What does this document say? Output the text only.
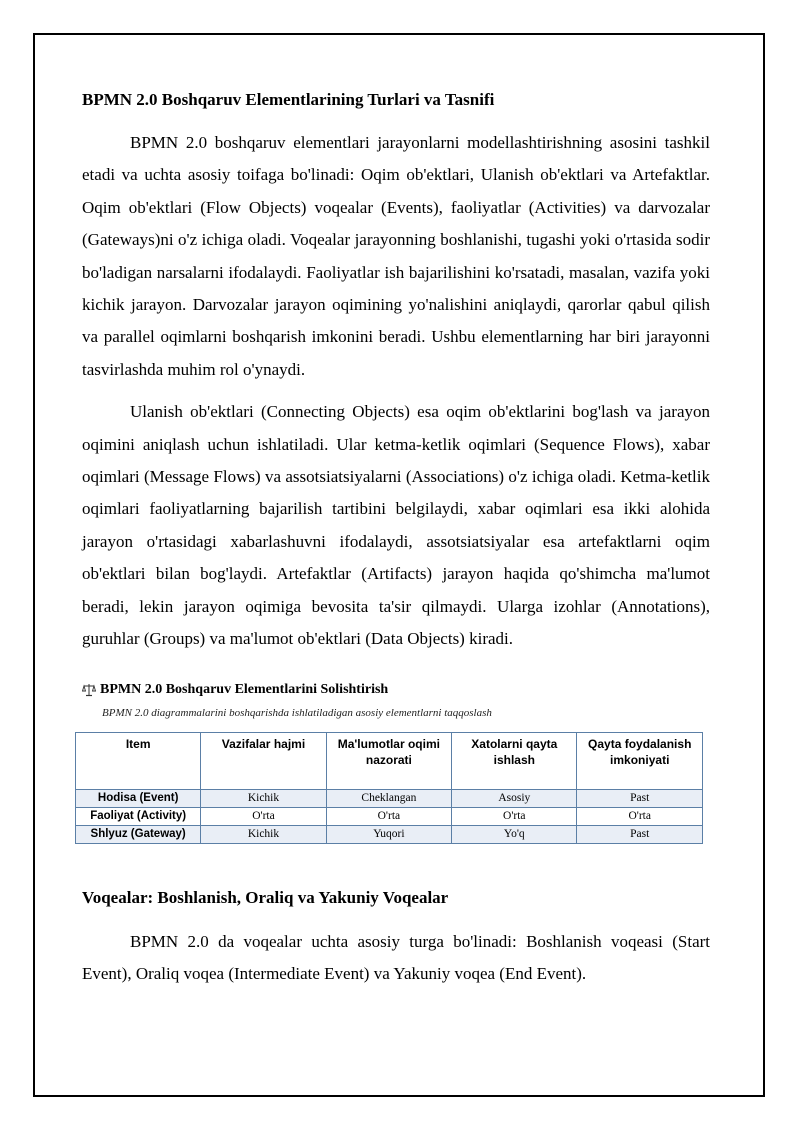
BPMN 2.0 Boshqaruv Elementlarining Turlari va Tasnifi

BPMN 2.0 boshqaruv elementlari jarayonlarni modellashtirishning asosini tashkil etadi va uchta asosiy toifaga bo'linadi: Oqim ob'ektlari, Ulanish ob'ektlari va Artefaktlar. Oqim ob'ektlari (Flow Objects) voqealar (Events), faoliyatlar (Activities) va darvozalar (Gateways)ni o'z ichiga oladi. Voqealar jarayonning boshlanishi, tugashi yoki o'rtasida sodir bo'ladigan narsalarni ifodalaydi. Faoliyatlar ish bajarilishini ko'rsatadi, masalan, vazifa yoki kichik jarayon. Darvozalar jarayon oqimining yo'nalishini aniqlaydi, qarorlar qabul qilish va parallel oqimlarni boshqarish imkonini beradi. Ushbu elementlarning har biri jarayonni tasvirlashda muhim rol o'ynaydi.

Ulanish ob'ektlari (Connecting Objects) esa oqim ob'ektlarini bog'lash va jarayon oqimini aniqlash uchun ishlatiladi. Ular ketma-ketlik oqimlari (Sequence Flows), xabar oqimlari (Message Flows) va assotsiatsiyalarni (Associations) o'z ichiga oladi. Ketma-ketlik oqimlari faoliyatlarning bajarilish tartibini belgilaydi, xabar oqimlari esa ikki alohida jarayon o'rtasidagi xabarlashuvni ifodalaydi, assotsiatsiyalar esa artefaktlarni oqim ob'ektlari bilan bog'laydi. Artefaktlar (Artifacts) jarayon haqida qo'shimcha ma'lumot beradi, lekin jarayon oqimiga bevosita ta'sir qilmaydi. Ularga izohlar (Annotations), guruhlar (Groups) va ma'lumot ob'ektlari (Data Objects) kiradi.

BPMN 2.0 Boshqaruv Elementlarini Solishtirish
BPMN 2.0 diagrammalarini boshqarishda ishlatiladigan asosiy elementlarni taqqoslash
Item	Vazifalar hajmi	Ma'lumotlar oqimi nazorati	Xatolarni qayta ishlash	Qayta foydalanish imkoniyati
Hodisa (Event)	Kichik	Cheklangan	Asosiy	Past
Faoliyat (Activity)	O'rta	O'rta	O'rta	O'rta
Shlyuz (Gateway)	Kichik	Yuqori	Yo'q	Past
Voqealar: Boshlanish, Oraliq va Yakuniy Voqealar

BPMN 2.0 da voqealar uchta asosiy turga bo'linadi: Boshlanish voqeasi (Start Event), Oraliq voqea (Intermediate Event) va Yakuniy voqea (End Event).
